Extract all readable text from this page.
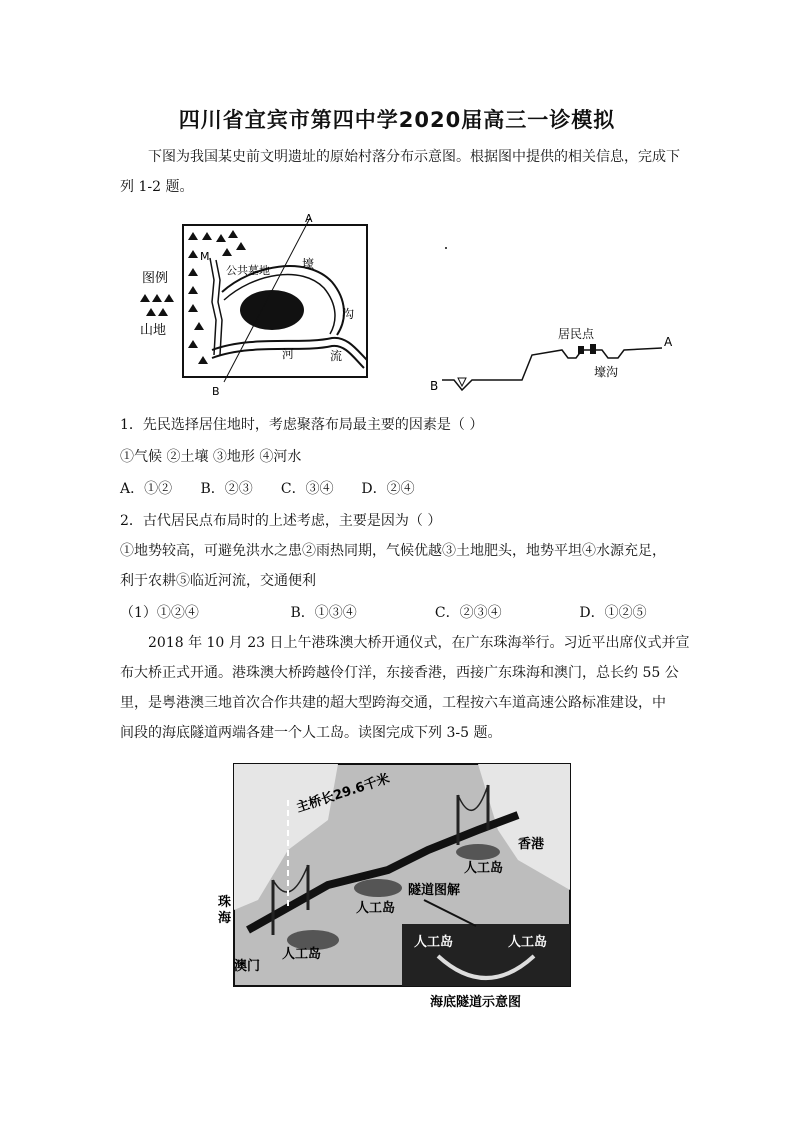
四川省宜宾市第四中学2020届高三一诊模拟
下图为我国某史前文明遗址的原始村落分布示意图。根据图中提供的相关信息，完成下列 1-2 题。
图例
山地
A
B
M
公共墓地	壕
沟
河	流
B
A
居民点
壕沟
1．先民选择居住地时，考虑聚落布局最主要的因素是（ ）
①气候 ②土壤 ③地形 ④河水
A．①② B．②③ C．③④ D．②④
2．古代居民点布局时的上述考虑，主要是因为（ ）
①地势较高，可避免洪水之患②雨热同期，气候优越③土地肥头，地势平坦④水源充足，
利于农耕⑤临近河流，交通便利
（1）①②④	B．①③④	C．②③④	D．①②⑤
2018 年 10 月 23 日上午港珠澳大桥开通仪式，在广东珠海举行。习近平出席仪式并宣
布大桥正式开通。港珠澳大桥跨越伶仃洋，东接香港，西接广东珠海和澳门，总长约 55 公
里，是粤港澳三地首次合作共建的超大型跨海交通，工程按六车道高速公路标准建设，中
间段的海底隧道两端各建一个人工岛。读图完成下列 3-5 题。
主桥长29.6千米
香港
人工岛
隧道图解
人工岛
珠
海
人工岛
澳门
人工岛	人工岛
海底隧道示意图
